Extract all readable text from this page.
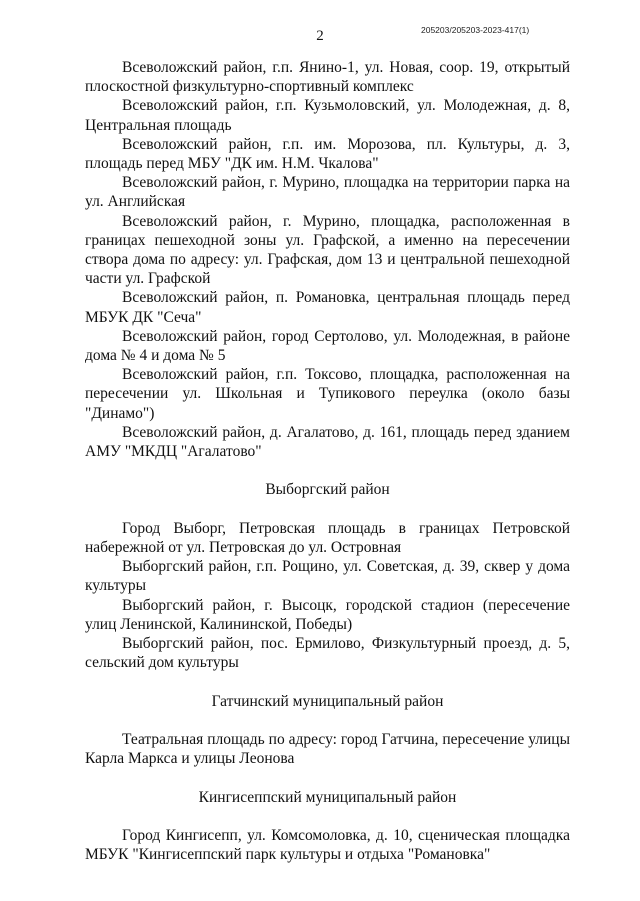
205203/205203-2023-417(1)
2

Всеволожский район, г.п. Янино-1, ул. Новая, соор. 19, открытый плоскостной физкультурно-спортивный комплекс

Всеволожский район, г.п. Кузьмоловский, ул. Молодежная, д. 8, Центральная площадь

Всеволожский район, г.п. им. Морозова, пл. Культуры, д. 3, площадь перед МБУ "ДК им. Н.М. Чкалова"

Всеволожский район, г. Мурино, площадка на территории парка на ул. Английская

Всеволожский район, г. Мурино, площадка, расположенная в границах пешеходной зоны ул. Графской, а именно на пересечении створа дома по адресу: ул. Графская, дом 13 и центральной пешеходной части ул. Графской

Всеволожский район, п. Романовка, центральная площадь перед МБУК ДК "Сеча"

Всеволожский район, город Сертолово, ул. Молодежная, в районе дома № 4 и дома № 5

Всеволожский район, г.п. Токсово, площадка, расположенная на пересечении ул. Школьная и Тупикового переулка (около базы "Динамо")

Всеволожский район, д. Агалатово, д. 161, площадь перед зданием АМУ "МКДЦ "Агалатово"

Выборгский район

Город Выборг, Петровская площадь в границах Петровской набережной от ул. Петровская до ул. Островная

Выборгский район, г.п. Рощино, ул. Советская, д. 39, сквер у дома культуры

Выборгский район, г. Высоцк, городской стадион (пересечение улиц Ленинской, Калининской, Победы)

Выборгский район, пос. Ермилово, Физкультурный проезд, д. 5, сельский дом культуры

Гатчинский муниципальный район

Театральная площадь по адресу: город Гатчина, пересечение улицы Карла Маркса и улицы Леонова

Кингисеппский муниципальный район

Город Кингисепп, ул. Комсомоловка, д. 10, сценическая площадка МБУК "Кингисеппский парк культуры и отдыха "Романовка"
